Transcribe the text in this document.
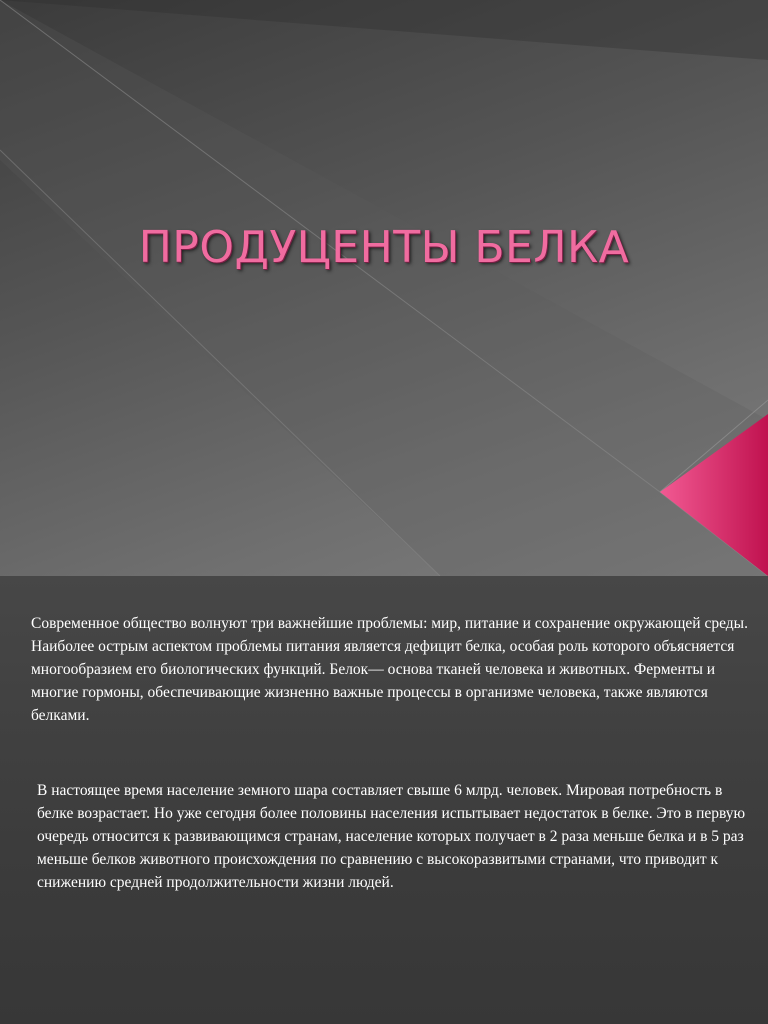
ПРОДУЦЕНТЫ БЕЛКА
Современное общество волнуют три важнейшие проблемы: мир, питание и сохранение окружающей среды. Наиболее острым аспектом проблемы питания является дефицит белка, особая роль которого объясняется многообразием его биологических функций. Белок— основа тканей человека и животных. Ферменты и многие гормоны, обеспечивающие жизненно важные процессы в организме человека, также являются белками.
В настоящее время население земного шара составляет свыше 6 млрд. человек. Мировая потребность в белке возрастает. Но уже сегодня более половины населения испытывает недостаток в белке. Это в первую очередь относится к развивающимся странам, население которых получает в 2 раза меньше белка и в 5 раз меньше белков животного происхождения по сравнению с высокоразвитыми странами, что приводит к снижению средней продолжительности жизни людей.
